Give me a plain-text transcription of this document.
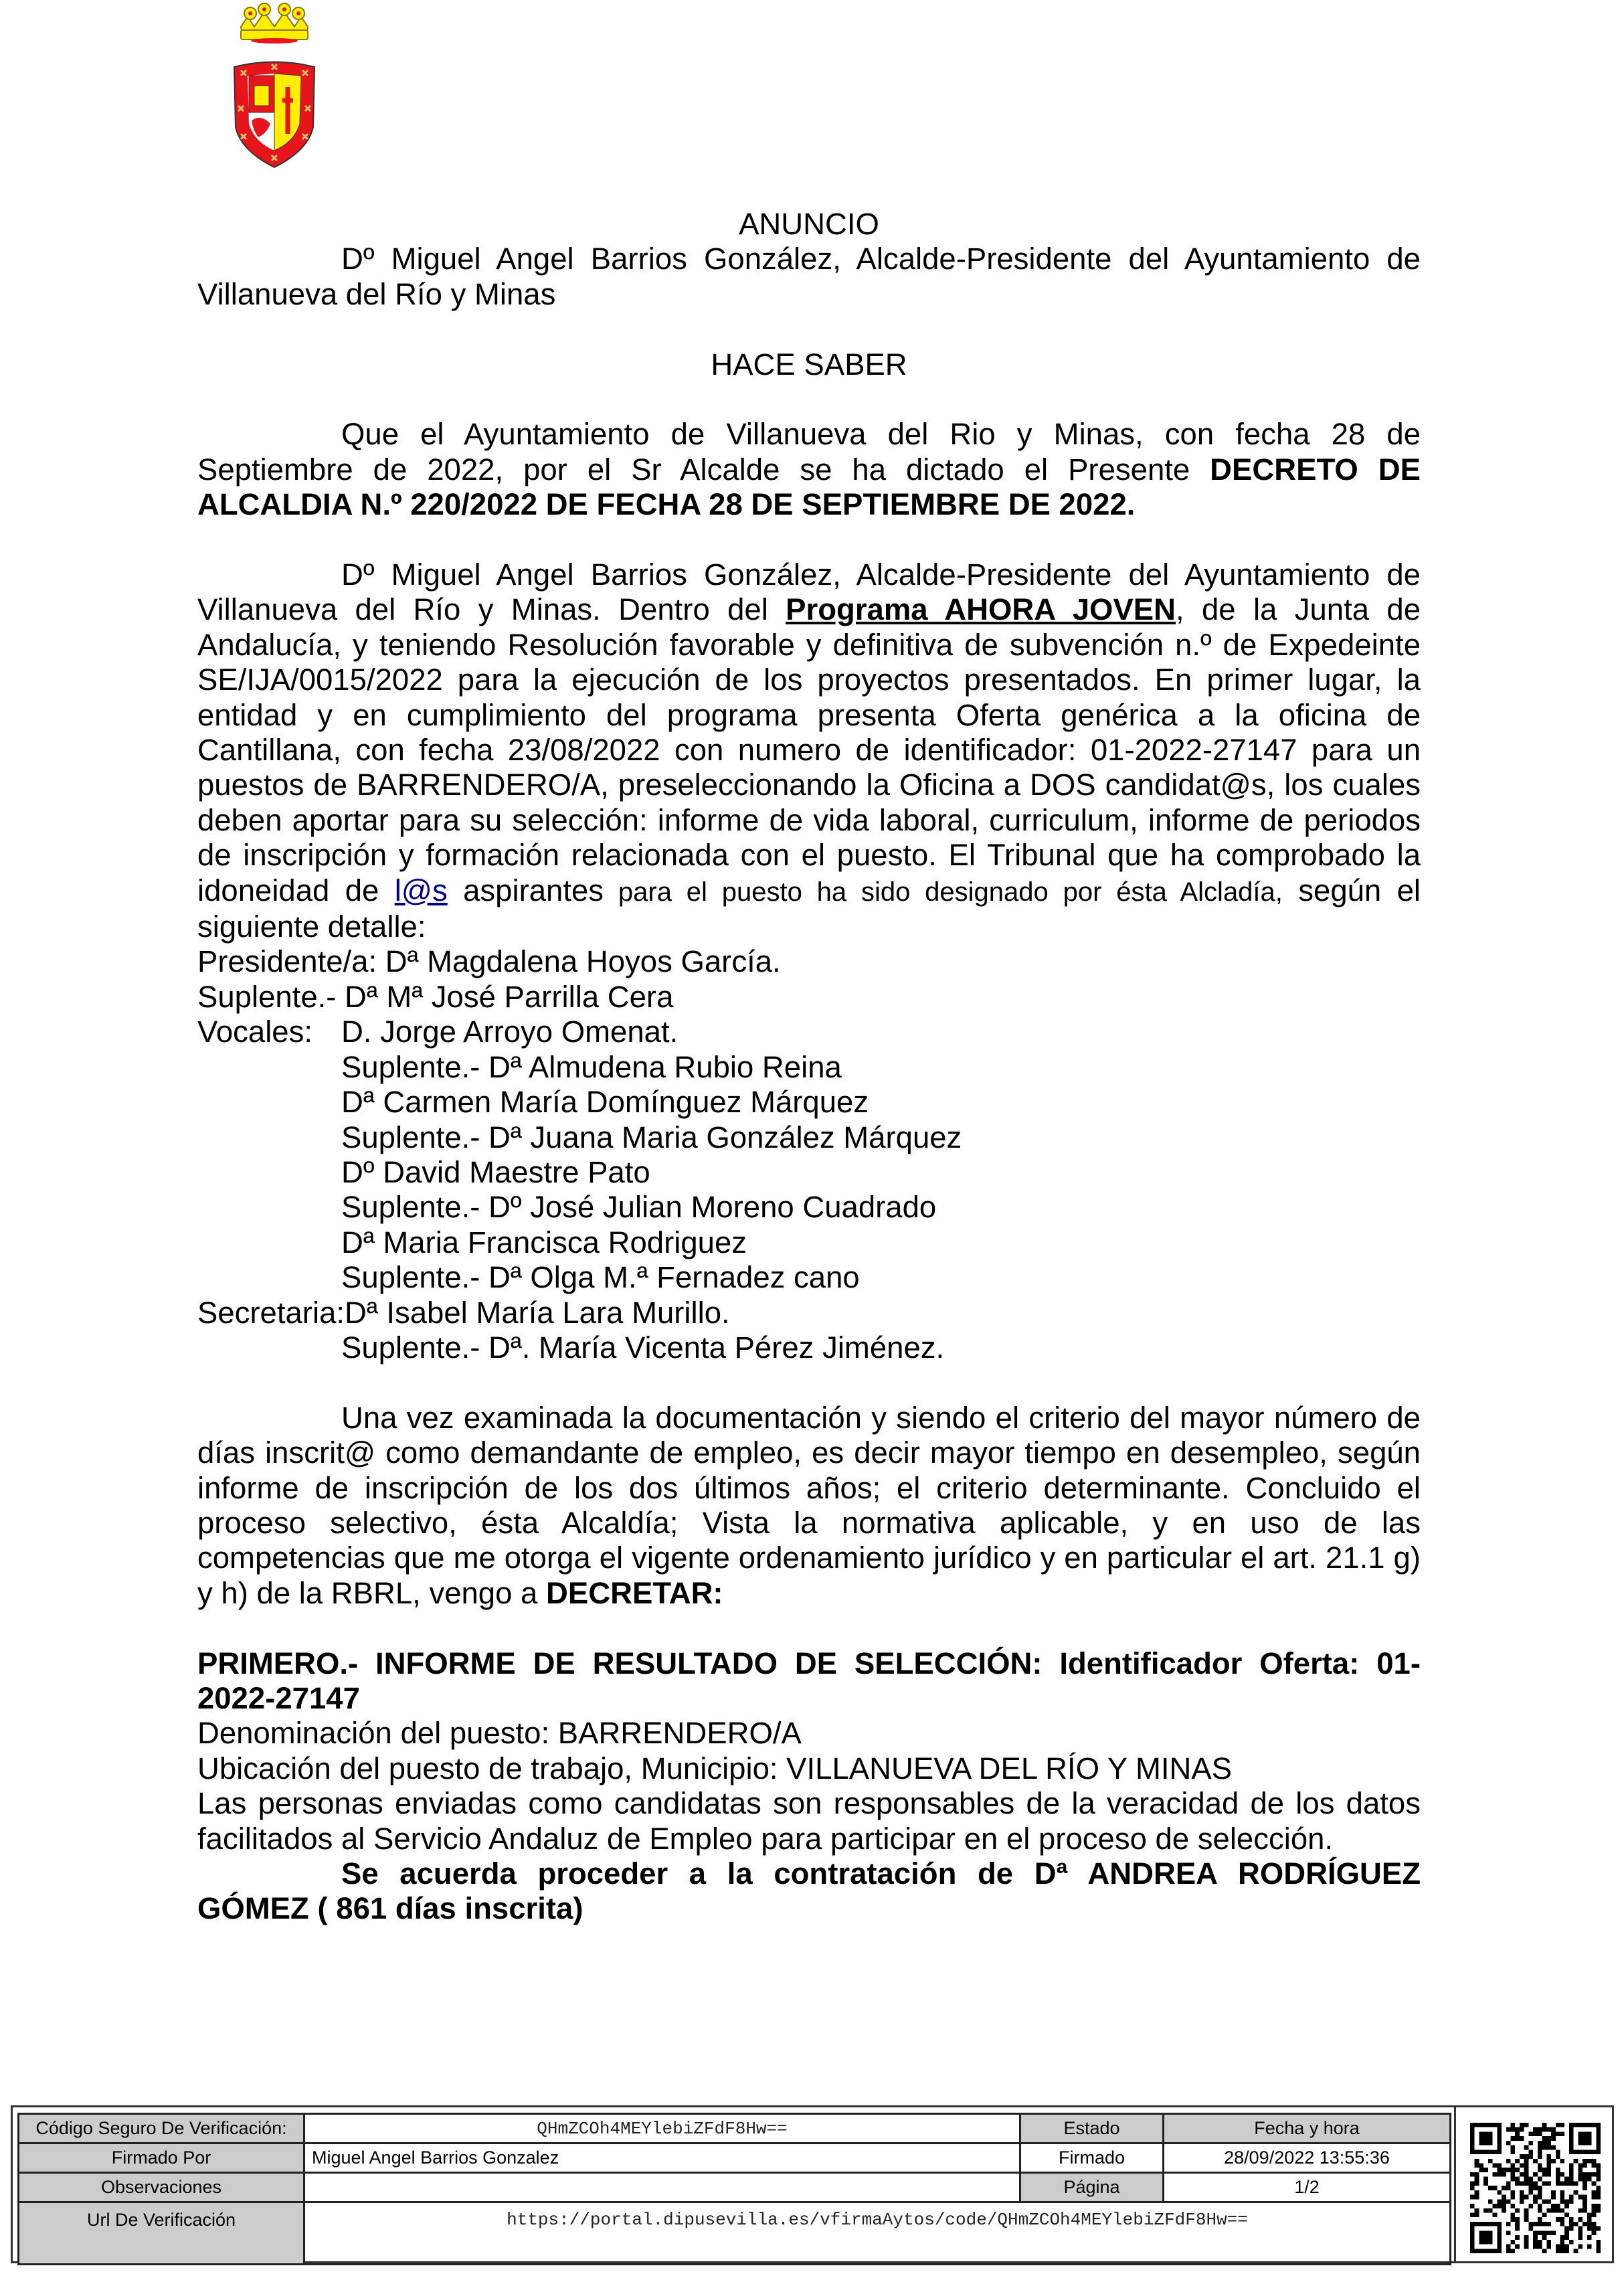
ANUNCIO

Dº Miguel Angel Barrios González, Alcalde-Presidente del Ayuntamiento de Villanueva del Río y Minas

HACE SABER

Que el Ayuntamiento de Villanueva del Rio y Minas, con fecha 28 de Septiembre de 2022, por el Sr Alcalde se ha dictado el Presente DECRETO DE ALCALDIA N.º 220/2022 DE FECHA 28 DE SEPTIEMBRE DE 2022.

Dº Miguel Angel Barrios González, Alcalde-Presidente del Ayuntamiento de Villanueva del Río y Minas. Dentro del Programa AHORA JOVEN, de la Junta de Andalucía, y teniendo Resolución favorable y definitiva de subvención n.º de Expedeinte SE/IJA/0015/2022 para la ejecución de los proyectos presentados. En primer lugar, la entidad y en cumplimiento del programa presenta Oferta genérica a la oficina de Cantillana, con fecha 23/08/2022 con numero de identificador: 01-2022-27147 para un puestos de BARRENDERO/A, preseleccionando la Oficina a DOS candidat@s, los cuales deben aportar para su selección: informe de vida laboral, curriculum, informe de periodos de inscripción y formación relacionada con el puesto. El Tribunal que ha comprobado la idoneidad de l@s aspirantes para el puesto ha sido designado por ésta Alcladía, según el siguiente detalle:

Presidente/a: Dª Magdalena Hoyos García.

Suplente.- Dª Mª José Parrilla Cera

Vocales: D. Jorge Arroyo Omenat.

Suplente.- Dª Almudena Rubio Reina

Dª Carmen María Domínguez Márquez

Suplente.- Dª Juana Maria González Márquez

Dº David Maestre Pato

Suplente.- Dº José Julian Moreno Cuadrado

Dª Maria Francisca Rodriguez

Suplente.- Dª Olga M.ª Fernadez cano

Secretaria: Dª Isabel María Lara Murillo.

Suplente.- Dª. María Vicenta Pérez Jiménez.

Una vez examinada la documentación y siendo el criterio del mayor número de días inscrit@ como demandante de empleo, es decir mayor tiempo en desempleo, según informe de inscripción de los dos últimos años; el criterio determinante. Concluido el proceso selectivo, ésta Alcaldía; Vista la normativa aplicable, y en uso de las competencias que me otorga el vigente ordenamiento jurídico y en particular el art. 21.1 g) y h) de la RBRL, vengo a DECRETAR:

PRIMERO.- INFORME DE RESULTADO DE SELECCIÓN: Identificador Oferta: 01-2022-27147

Denominación del puesto: BARRENDERO/A

Ubicación del puesto de trabajo, Municipio: VILLANUEVA DEL RÍO Y MINAS

Las personas enviadas como candidatas son responsables de la veracidad de los datos facilitados al Servicio Andaluz de Empleo para participar en el proceso de selección.

Se acuerda proceder a la contratación de Dª ANDREA RODRÍGUEZ GÓMEZ ( 861 días inscrita)

Código Seguro De Verificación:	QHmZCOh4MEYlebiZFdF8Hw==	Estado	Fecha y hora
Firmado Por	Miguel Angel Barrios Gonzalez	Firmado	28/09/2022 13:55:36
Observaciones		Página	1/2
Url De Verificación	https://portal.dipusevilla.es/vfirmaAytos/code/QHmZCOh4MEYlebiZFdF8Hw==		
